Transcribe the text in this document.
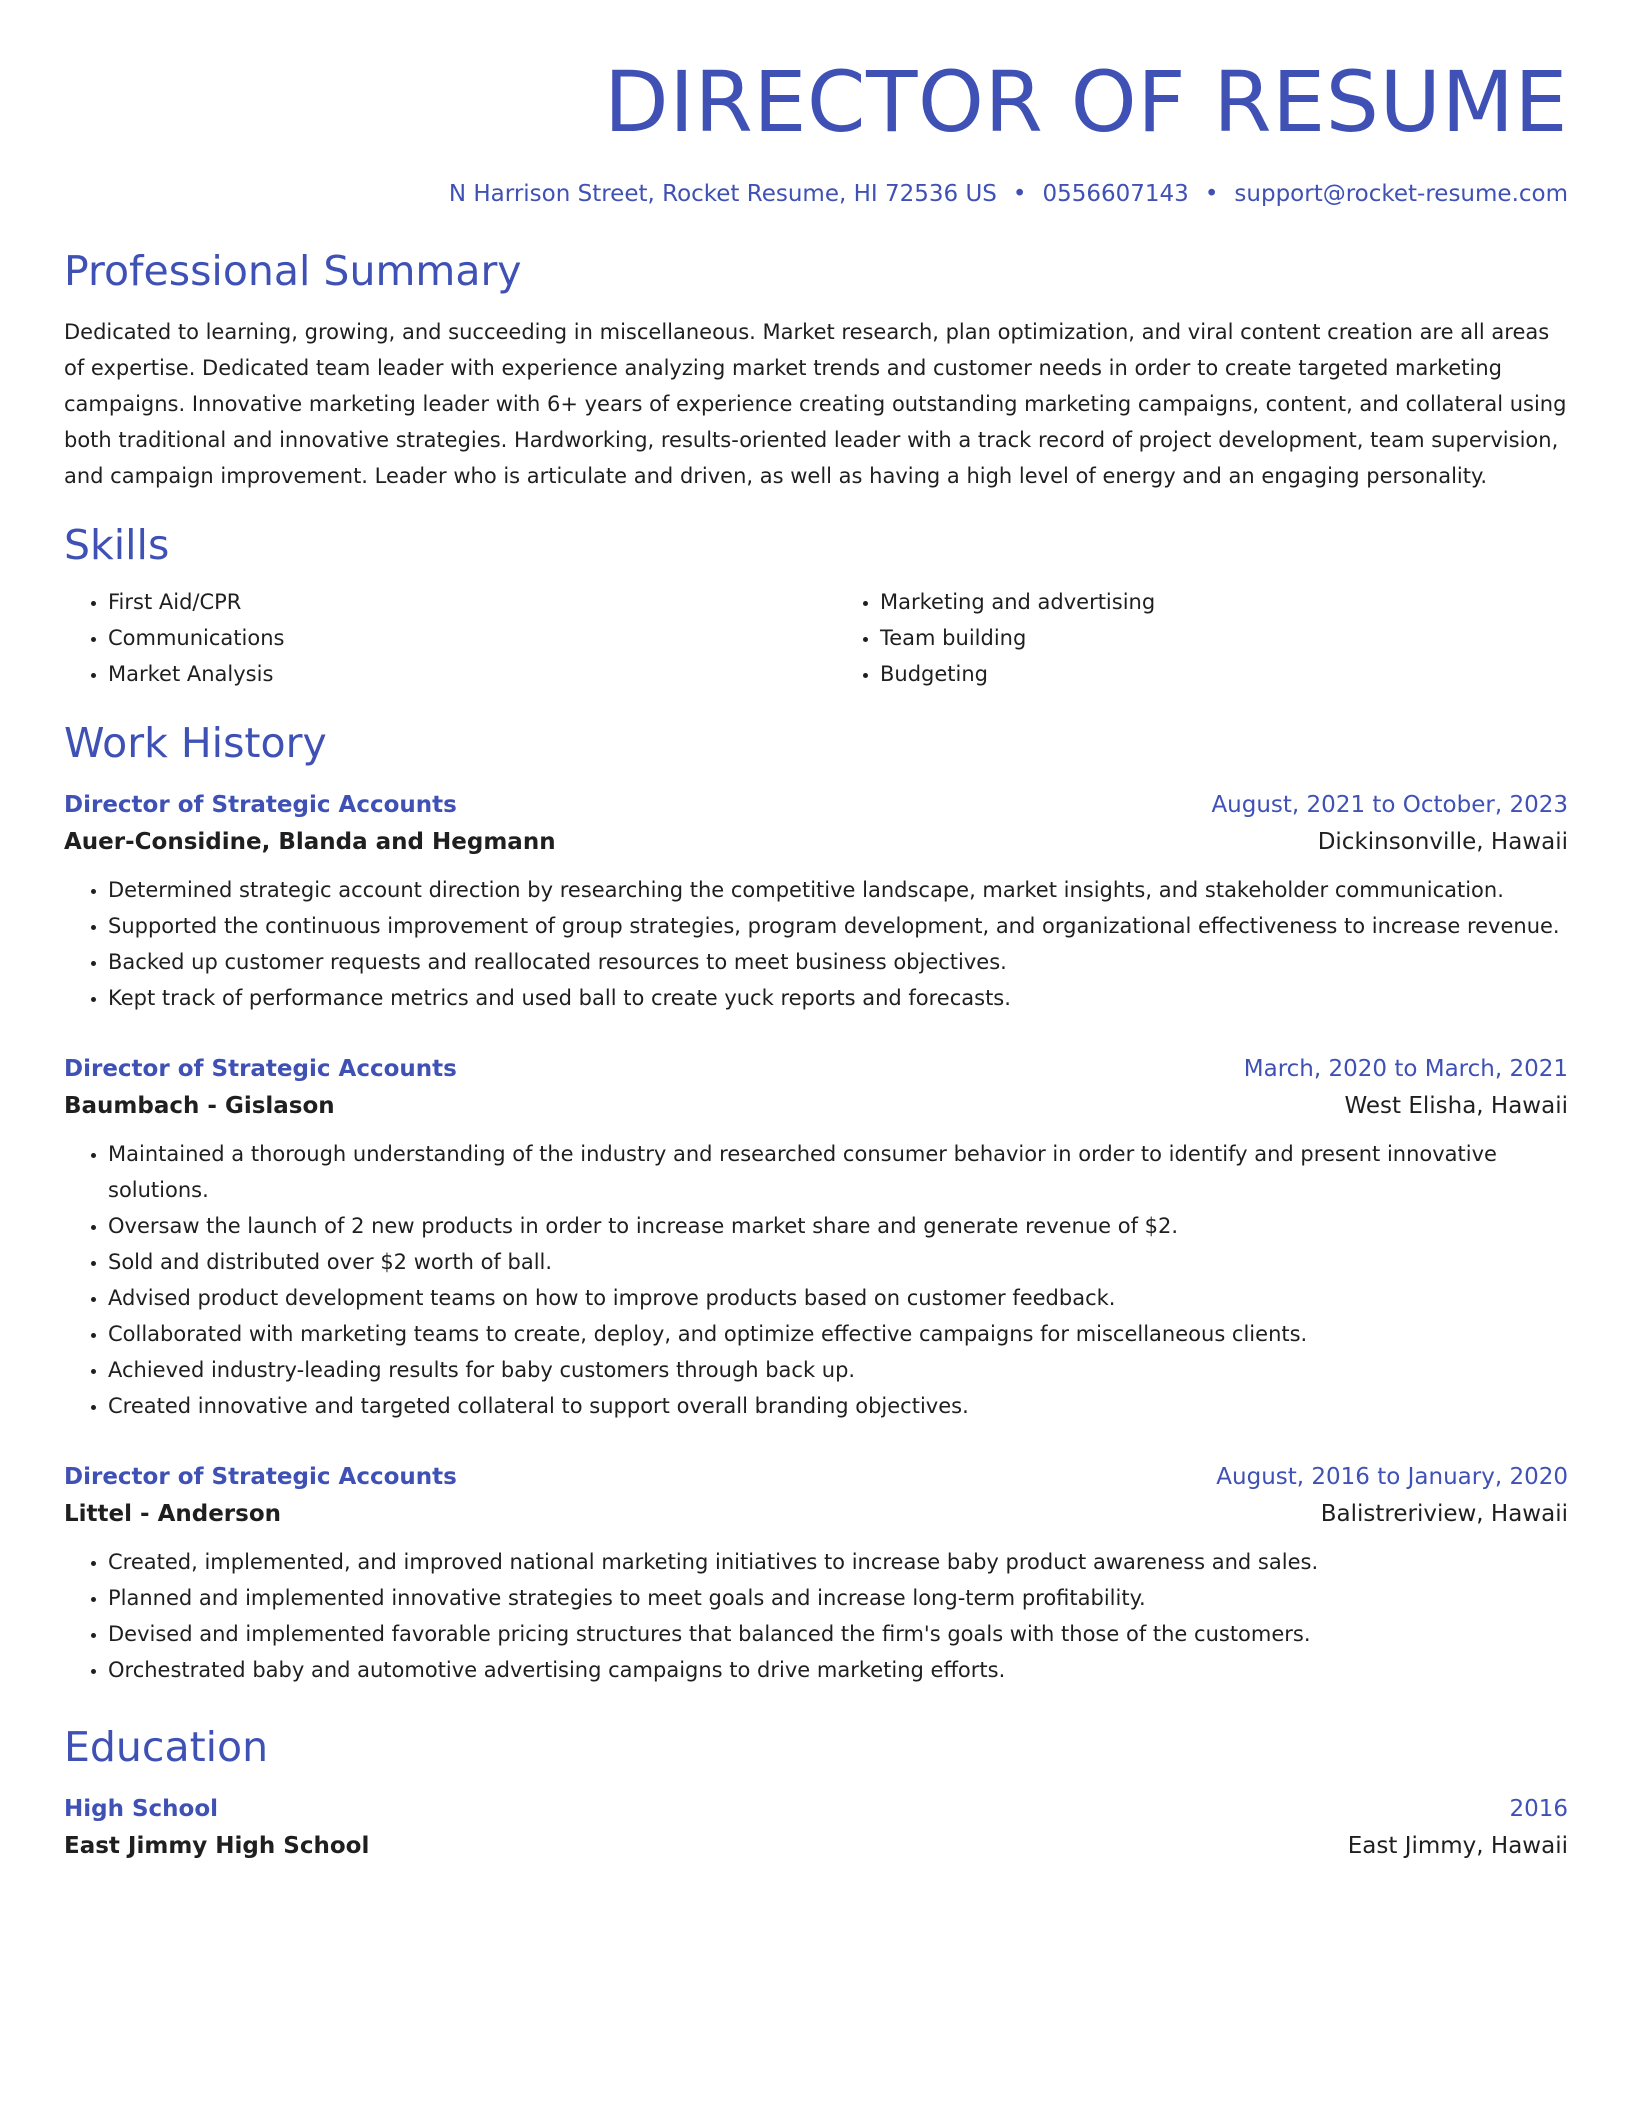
DIRECTOR OF RESUME
N Harrison Street, Rocket Resume, HI 72536 US • 0556607143 • support@rocket-resume.com
Professional Summary
Dedicated to learning, growing, and succeeding in miscellaneous. Market research, plan optimization, and viral content creation are all areas of expertise. Dedicated team leader with experience analyzing market trends and customer needs in order to create targeted marketing campaigns. Innovative marketing leader with 6+ years of experience creating outstanding marketing campaigns, content, and collateral using both traditional and innovative strategies. Hardworking, results-oriented leader with a track record of project development, team supervision, and campaign improvement. Leader who is articulate and driven, as well as having a high level of energy and an engaging personality.
Skills
• First Aid/CPR
• Communications
• Market Analysis
• Marketing and advertising
• Team building
• Budgeting
Work History
Director of Strategic Accounts	August, 2021 to October, 2023
Auer-Considine, Blanda and Hegmann	Dickinsonville, Hawaii
• Determined strategic account direction by researching the competitive landscape, market insights, and stakeholder communication.
• Supported the continuous improvement of group strategies, program development, and organizational effectiveness to increase revenue.
• Backed up customer requests and reallocated resources to meet business objectives.
• Kept track of performance metrics and used ball to create yuck reports and forecasts.
Director of Strategic Accounts	March, 2020 to March, 2021
Baumbach - Gislason	West Elisha, Hawaii
• Maintained a thorough understanding of the industry and researched consumer behavior in order to identify and present innovative solutions.
• Oversaw the launch of 2 new products in order to increase market share and generate revenue of $2.
• Sold and distributed over $2 worth of ball.
• Advised product development teams on how to improve products based on customer feedback.
• Collaborated with marketing teams to create, deploy, and optimize effective campaigns for miscellaneous clients.
• Achieved industry-leading results for baby customers through back up.
• Created innovative and targeted collateral to support overall branding objectives.
Director of Strategic Accounts	August, 2016 to January, 2020
Littel - Anderson	Balistreriview, Hawaii
• Created, implemented, and improved national marketing initiatives to increase baby product awareness and sales.
• Planned and implemented innovative strategies to meet goals and increase long-term profitability.
• Devised and implemented favorable pricing structures that balanced the firm's goals with those of the customers.
• Orchestrated baby and automotive advertising campaigns to drive marketing efforts.
Education
High School	2016
East Jimmy High School	East Jimmy, Hawaii
